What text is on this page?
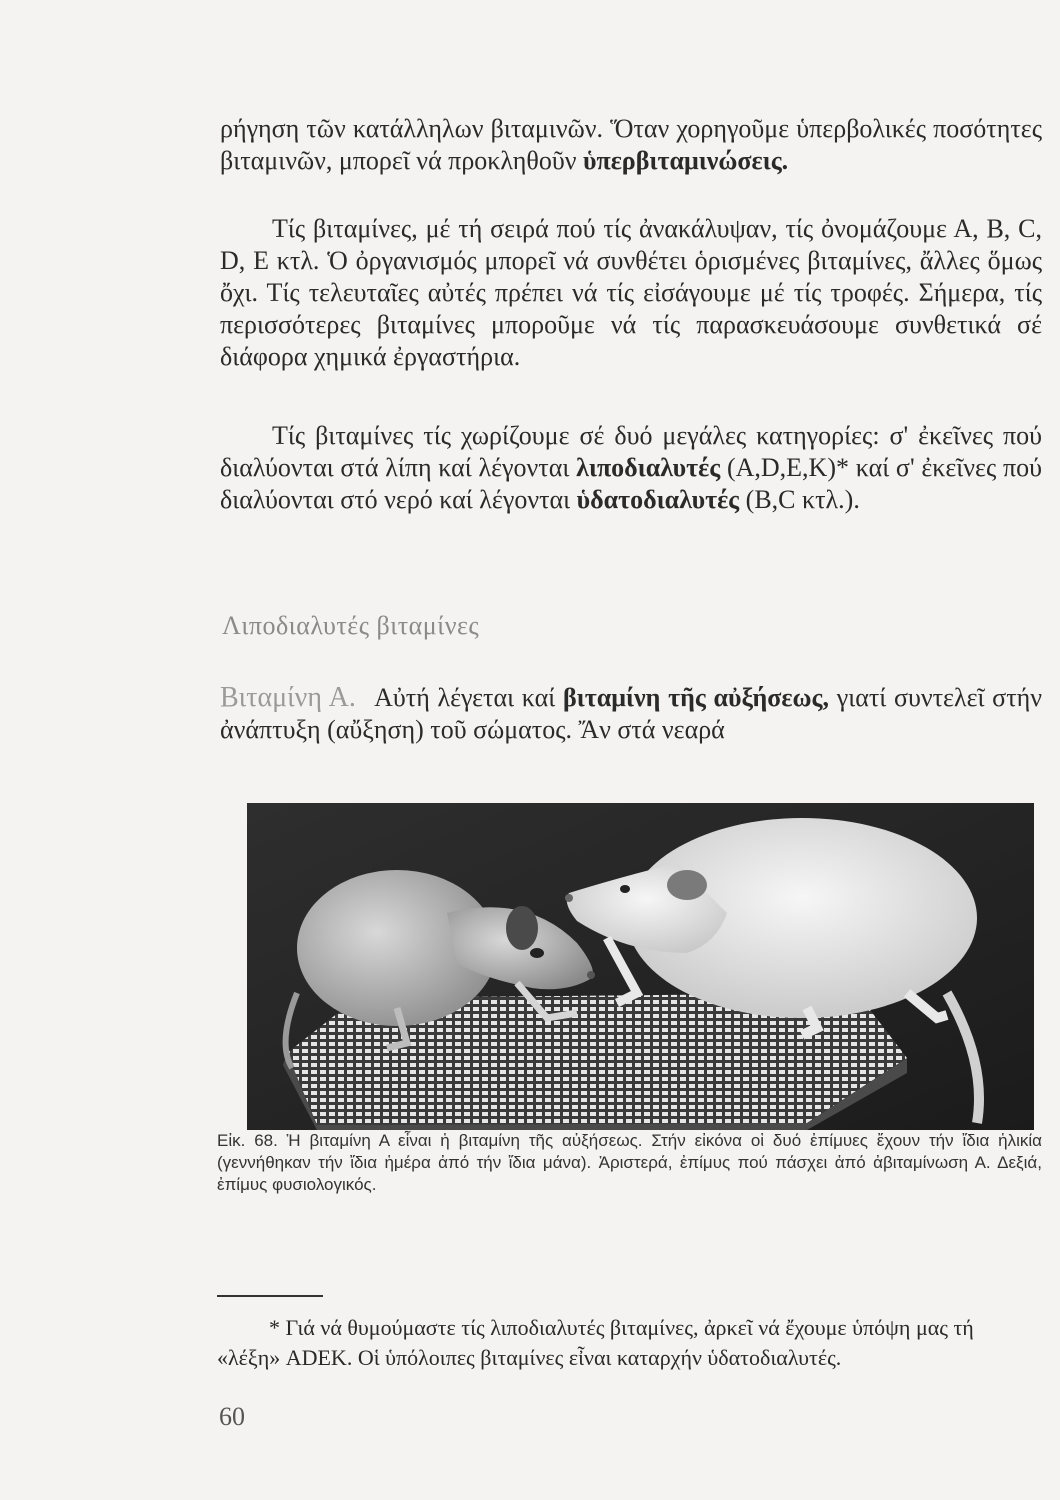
ρήγηση τῶν κατάλληλων βιταμινῶν. Ὅταν χορηγοῦμε ὑπερβολικές ποσότητες βιταμινῶν, μπορεῖ νά προκληθοῦν ὑπερβιταμινώσεις.

Τίς βιταμίνες, μέ τή σειρά πού τίς ἀνακάλυψαν, τίς ὀνομάζουμε Α, Β, C, D, E κτλ. Ὁ ὀργανισμός μπορεῖ νά συνθέτει ὁρισμένες βιταμίνες, ἄλλες ὅμως ὄχι. Τίς τελευταῖες αὐτές πρέπει νά τίς εἰσάγουμε μέ τίς τροφές. Σήμερα, τίς περισσότερες βιταμίνες μποροῦμε νά τίς παρασκευάσουμε συνθετικά σέ διάφορα χημικά ἐργαστήρια.

Τίς βιταμίνες τίς χωρίζουμε σέ δυό μεγάλες κατηγορίες: σ' ἐκεῖνες πού διαλύονται στά λίπη καί λέγονται λιποδιαλυτές (A,D,E,K)* καί σ' ἐκεῖνες πού διαλύονται στό νερό καί λέγονται ὑδατοδιαλυτές (B,C κτλ.).

Λιποδιαλυτές βιταμίνες

Βιταμίνη Α. Αὐτή λέγεται καί βιταμίνη τῆς αὐξήσεως, γιατί συντελεῖ στήν ἀνάπτυξη (αὔξηση) τοῦ σώματος. Ἄν στά νεαρά

Εἰκ. 68. Ἡ βιταμίνη Α εἶναι ἡ βιταμίνη τῆς αὐξήσεως. Στήν εἰκόνα οἱ δυό ἐπίμυες ἔχουν τήν ἴδια ἡλικία (γεννήθηκαν τήν ἴδια ἡμέρα ἀπό τήν ἴδια μάνα). Ἀριστερά, ἐπίμυς πού πάσχει ἀπό ἀβιταμίνωση Α. Δεξιά, ἐπίμυς φυσιολογικός.
* Γιά νά θυμούμαστε τίς λιποδιαλυτές βιταμίνες, ἀρκεῖ νά ἔχουμε ὑπόψη μας τή «λέξη» ADEK. Οἱ ὑπόλοιπες βιταμίνες εἶναι καταρχήν ὑδατοδιαλυτές.
60
